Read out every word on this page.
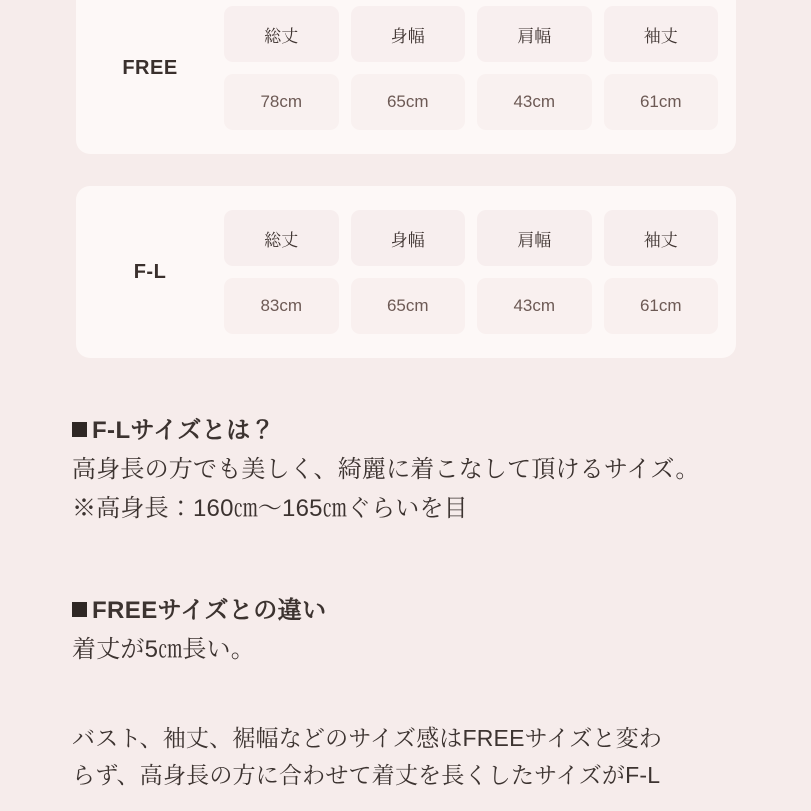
FREE
総丈	身幅	肩幅	袖丈
78cm	65cm	43cm	61cm
F-L
総丈	身幅	肩幅	袖丈
83cm	65cm	43cm	61cm
F-Lサイズとは？
高身長の方でも美しく、綺麗に着こなして頂けるサイズ。
※高身長：160㎝〜165㎝ぐらいを目
FREEサイズとの違い
着丈が5㎝長い。
バスト、袖丈、裾幅などのサイズ感はFREEサイズと変わ
らず、高身長の方に合わせて着丈を長くしたサイズがF-L
